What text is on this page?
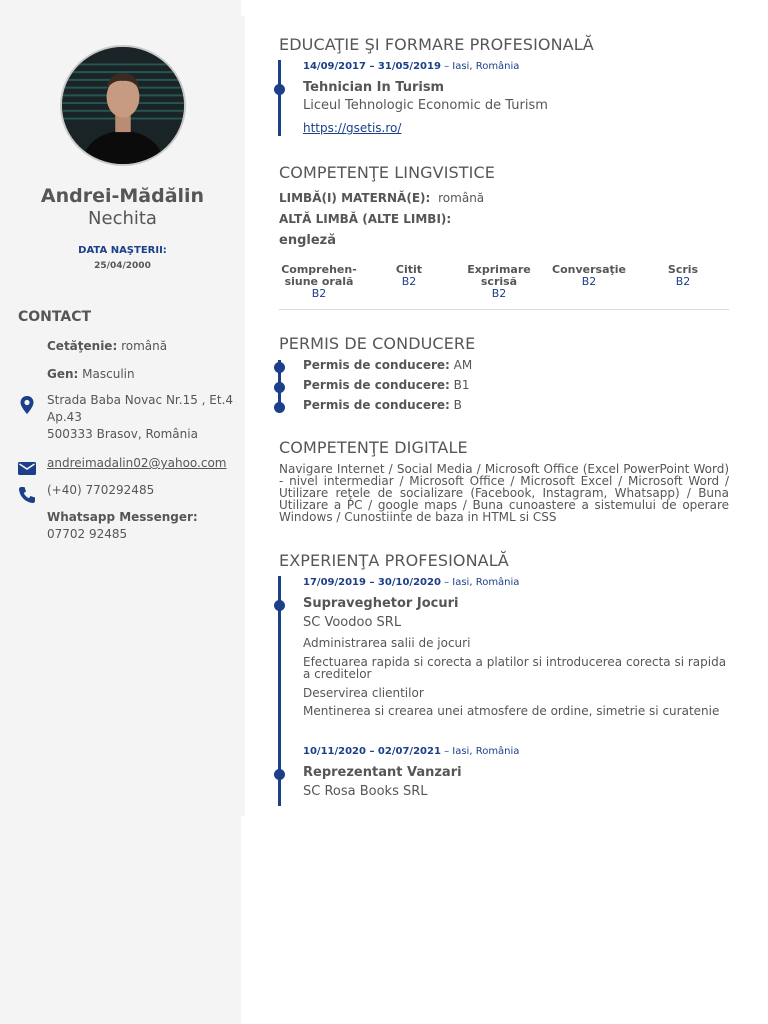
Andrei-Mădălin
Nechita
DATA NAŞTERII:
25/04/2000
CONTACT
Cetăţenie: română
Gen: Masculin
Strada Baba Novac Nr.15 , Et.4
Ap.43
500333 Brasov, România
andreimadalin02@yahoo.com
(+40) 770292485
Whatsapp Messenger: 07702 92485
EDUCAŢIE ŞI FORMARE PROFESIONALĂ
14/09/2017 – 31/05/2019 – Iasi, România
Tehnician In Turism
Liceul Tehnologic Economic de Turism
https://gsetis.ro/
COMPETENŢE LINGVISTICE
LIMBĂ(I) MATERNĂ(E): română
ALTĂ LIMBĂ (ALTE LIMBI):
engleză
Comprehen-
siune orală
B2
Citit
B2
Exprimare
scrisă
B2
Conversaţie
B2
Scris
B2
PERMIS DE CONDUCERE
Permis de conducere: AM
Permis de conducere: B1
Permis de conducere: B
COMPETENŢE DIGITALE
Navigare Internet / Social Media / Microsoft Office (Excel PowerPoint Word) - nivel intermediar / Microsoft Office / Microsoft Excel / Microsoft Word / Utilizare reţele de socializare (Facebook, Instagram, Whatsapp) / Buna Utilizare a PC / google maps / Buna cunoastere a sistemului de operare Windows / Cunostiinte de baza in HTML si CSS
EXPERIENŢA PROFESIONALĂ
17/09/2019 – 30/10/2020 – Iasi, România
Supraveghetor Jocuri
SC Voodoo SRL
Administrarea salii de jocuri
Efectuarea rapida si corecta a platilor si introducerea corecta si rapida a creditelor
Deservirea clientilor
Mentinerea si crearea unei atmosfere de ordine, simetrie si curatenie
10/11/2020 – 02/07/2021 – Iasi, România
Reprezentant Vanzari
SC Rosa Books SRL
